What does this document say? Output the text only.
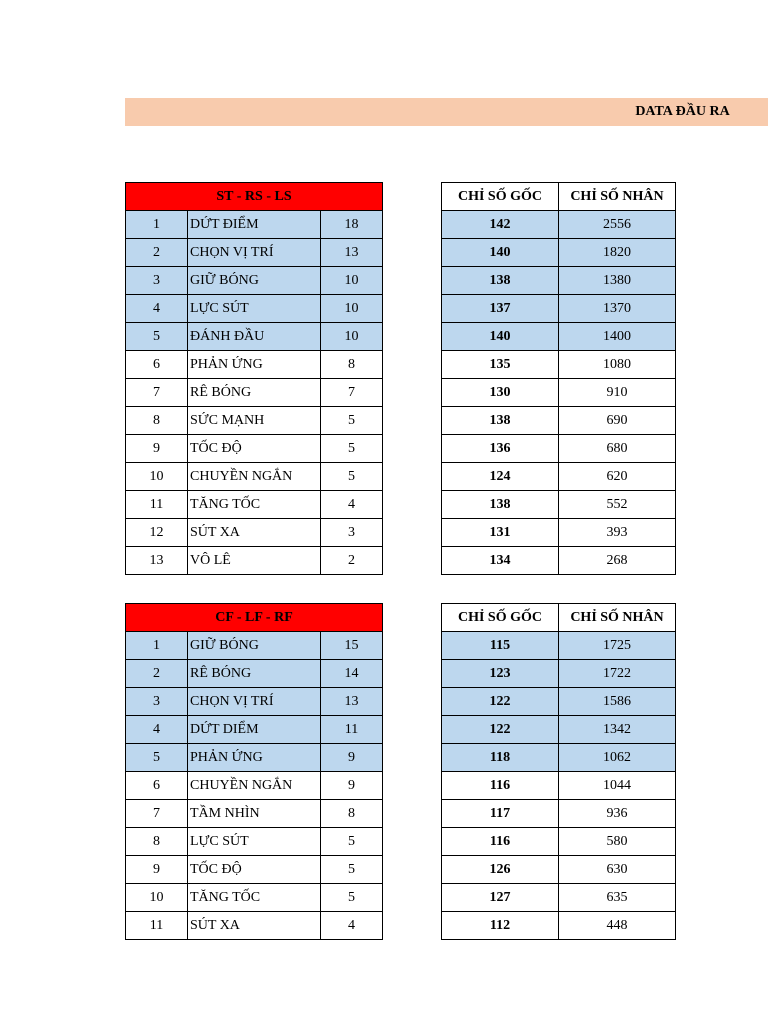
DATA ĐẦU RA
ST - RS - LS		
1	DỨT ĐIỂM	18
2	CHỌN VỊ TRÍ	13
3	GIỮ BÓNG	10
4	LỰC SÚT	10
5	ĐÁNH ĐẦU	10
6	PHẢN ỨNG	8
7	RÊ BÓNG	7
8	SỨC MẠNH	5
9	TỐC ĐỘ	5
10	CHUYỀN NGẮN	5
11	TĂNG TỐC	4
12	SÚT XA	3
13	VÔ LÊ	2
CHỈ SỐ GỐC	CHỈ SỐ NHÂN
142	2556
140	1820
138	1380
137	1370
140	1400
135	1080
130	910
138	690
136	680
124	620
138	552
131	393
134	268
CF - LF - RF		
1	GIỮ BÓNG	15
2	RÊ BÓNG	14
3	CHỌN VỊ TRÍ	13
4	DỨT DIỂM	11
5	PHẢN ỨNG	9
6	CHUYỀN NGẮN	9
7	TẦM NHÌN	8
8	LỰC SÚT	5
9	TỐC ĐỘ	5
10	TĂNG TỐC	5
11	SÚT XA	4
CHỈ SỐ GỐC	CHỈ SỐ NHÂN
115	1725
123	1722
122	1586
122	1342
118	1062
116	1044
117	936
116	580
126	630
127	635
112	448
